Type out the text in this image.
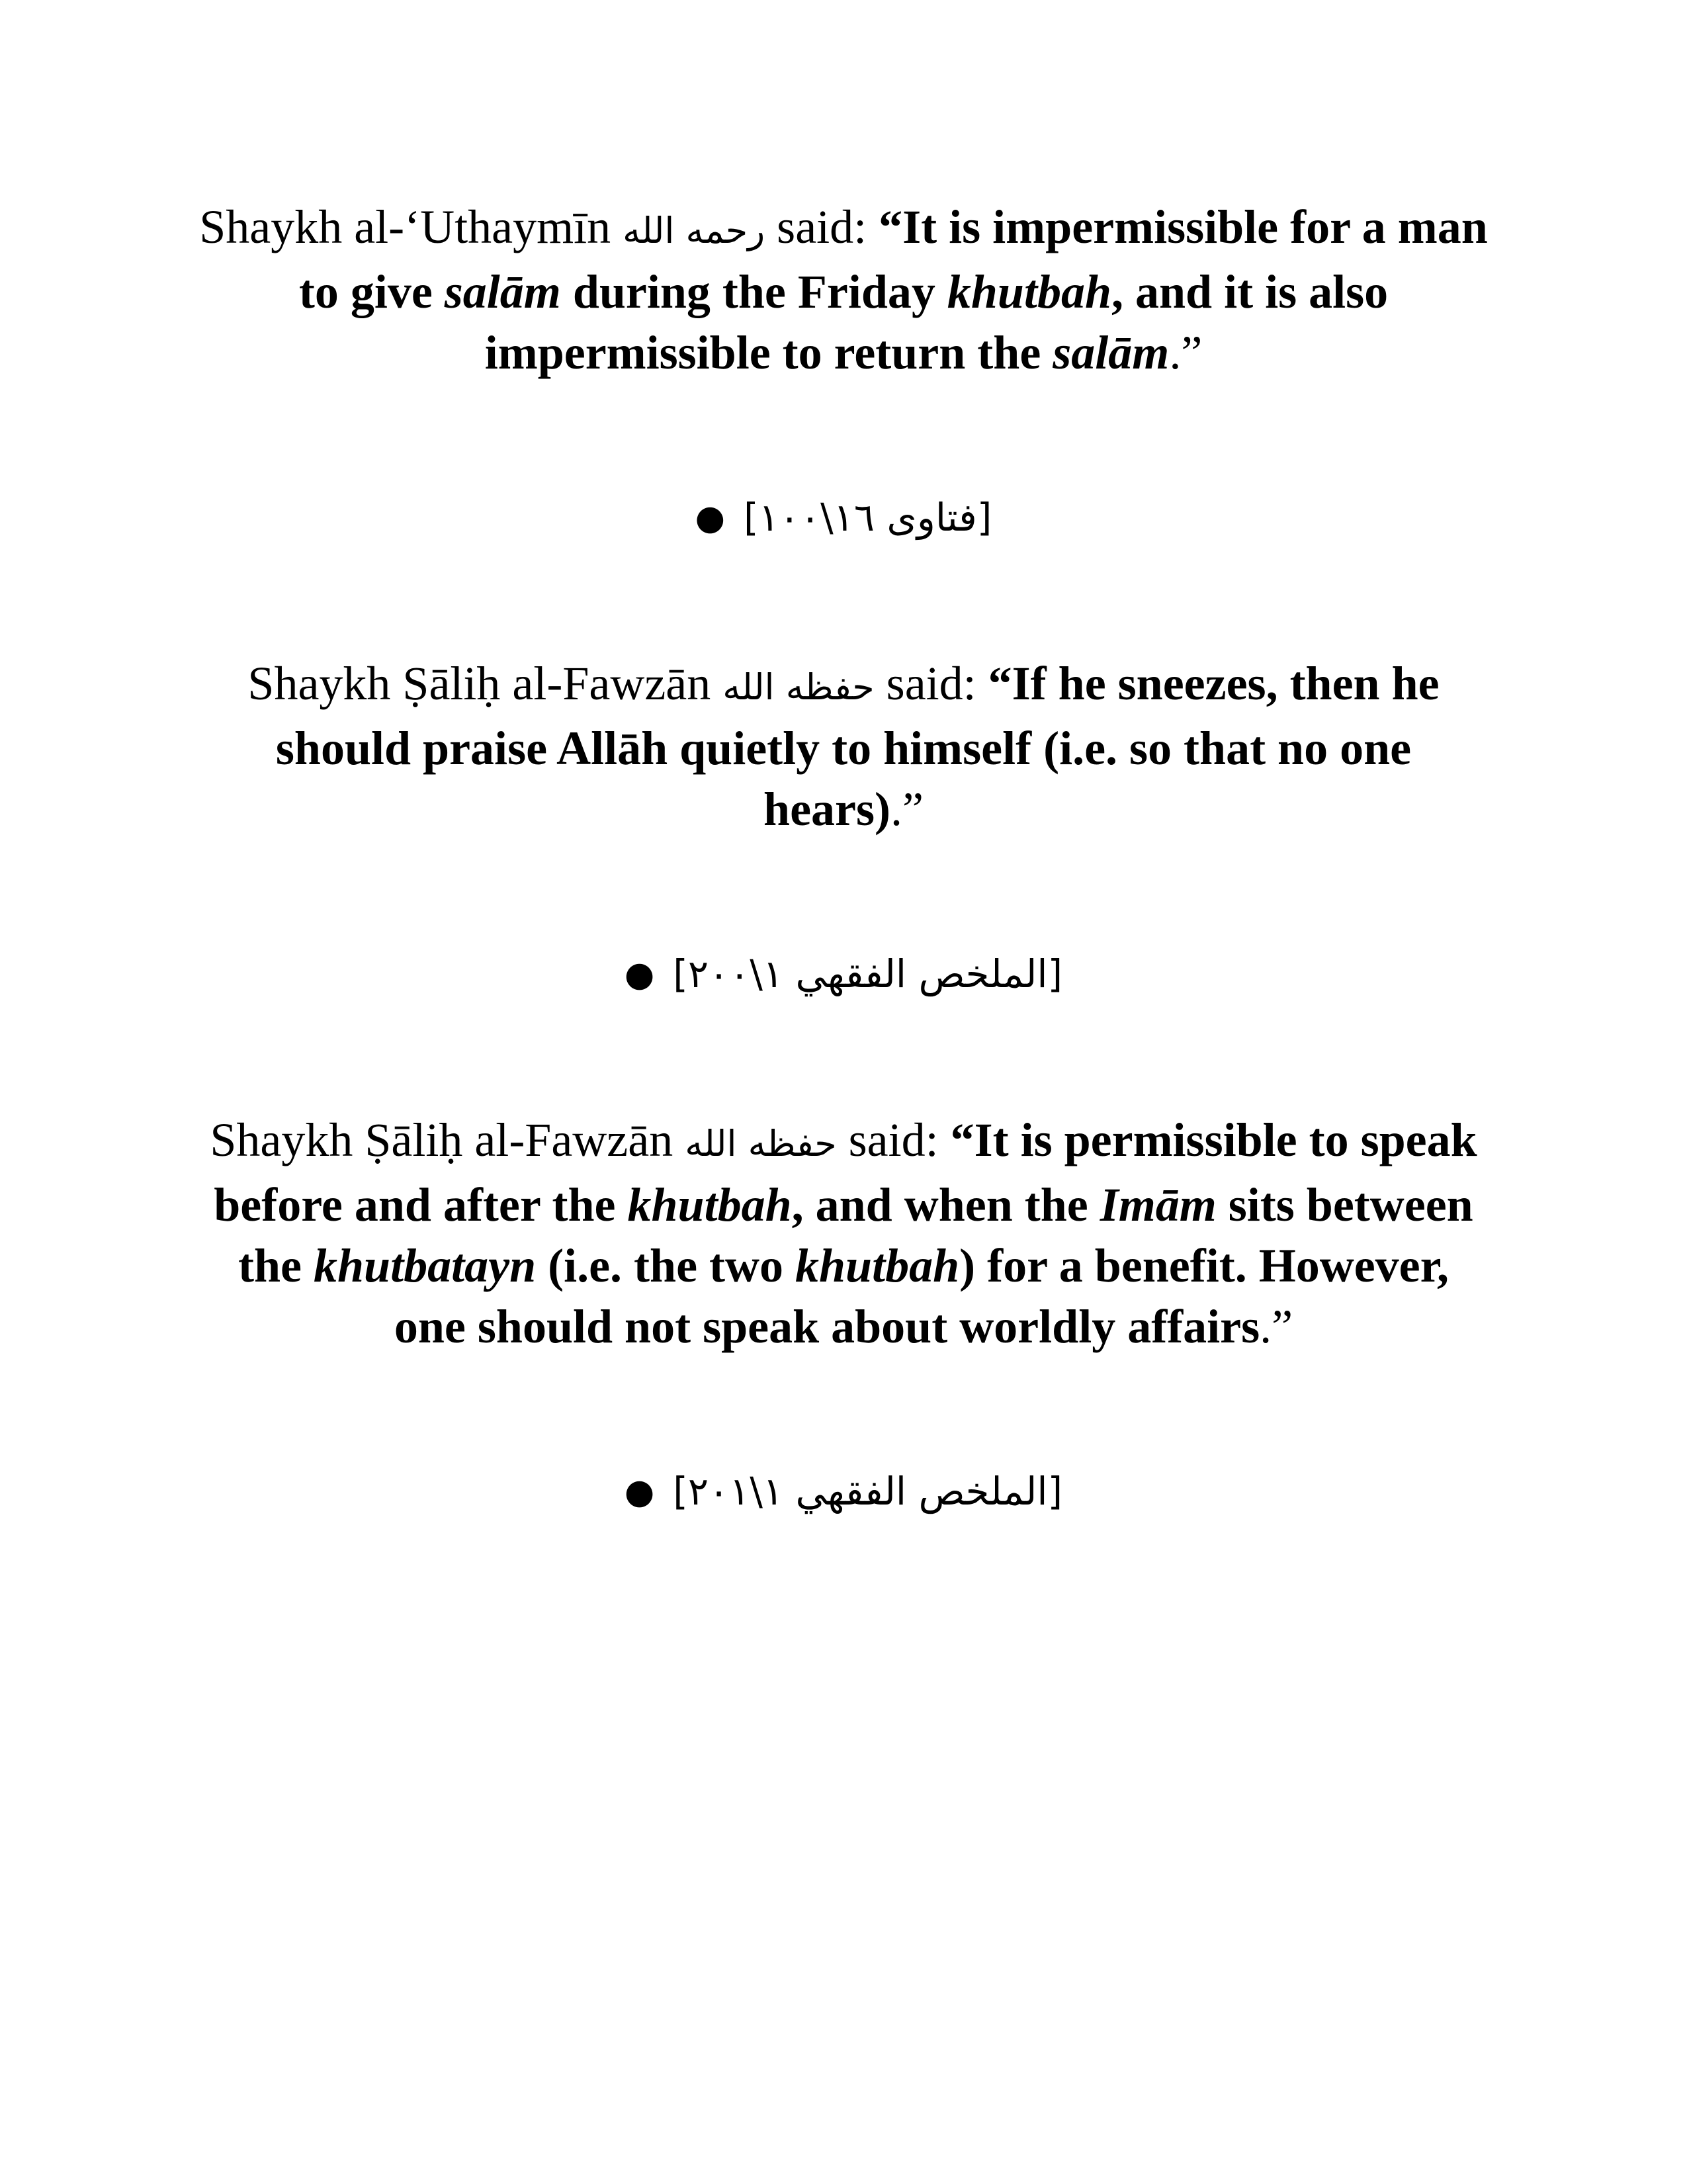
Shaykh al-‘Uthaymīn رحمه الله said: “It is impermissible for a man to give salām during the Friday khutbah, and it is also impermissible to return the salām.”

● [فتاوى ١٦\١٠٠]

Shaykh Ṣāliḥ al-Fawzān حفظه الله said: “If he sneezes, then he should praise Allāh quietly to himself (i.e. so that no one hears).”

● [الملخص الفقهي ١\٢٠٠]

Shaykh Ṣāliḥ al-Fawzān حفظه الله said: “It is permissible to speak before and after the khutbah, and when the Imām sits between the khutbatayn (i.e. the two khutbah) for a benefit. However, one should not speak about worldly affairs.”

● [الملخص الفقهي ١\٢٠١]
